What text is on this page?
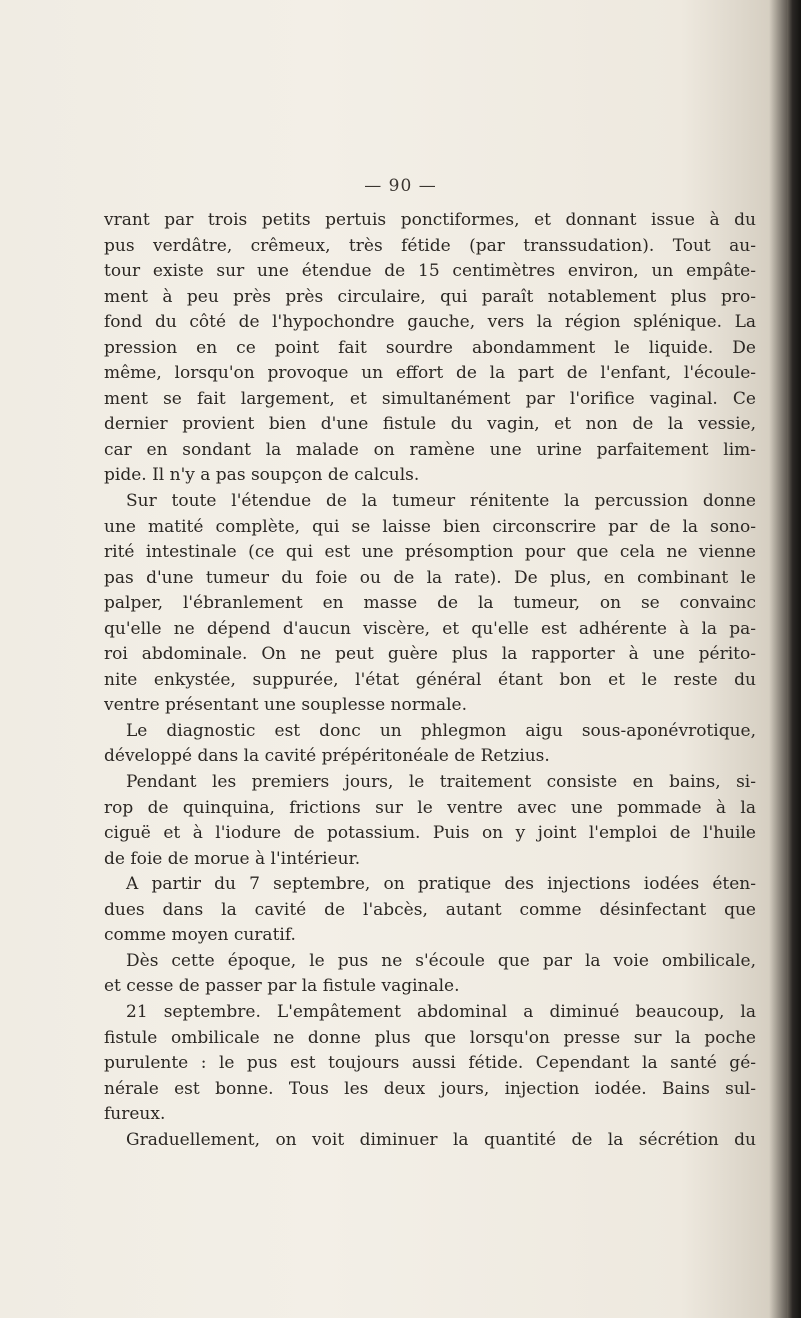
— 90 —
vrant par trois petits pertuis ponctiformes, et donnant issue à du
pus verdâtre, crêmeux, très fétide (par transsudation). Tout au-
tour existe sur une étendue de 15 centimètres environ, un empâte-
ment à peu près près circulaire, qui paraît notablement plus pro-
fond du côté de l'hypochondre gauche, vers la région splénique. La
pression en ce point fait sourdre abondamment le liquide. De
même, lorsqu'on provoque un effort de la part de l'enfant, l'écoule-
ment se fait largement, et simultanément par l'orifice vaginal. Ce
dernier provient bien d'une fistule du vagin, et non de la vessie,
car en sondant la malade on ramène une urine parfaitement lim-
pide. Il n'y a pas soupçon de calculs.
Sur toute l'étendue de la tumeur rénitente la percussion donne
une matité complète, qui se laisse bien circonscrire par de la sono-
rité intestinale (ce qui est une présomption pour que cela ne vienne
pas d'une tumeur du foie ou de la rate). De plus, en combinant le
palper, l'ébranlement en masse de la tumeur, on se convainc
qu'elle ne dépend d'aucun viscère, et qu'elle est adhérente à la pa-
roi abdominale. On ne peut guère plus la rapporter à une périto-
nite enkystée, suppurée, l'état général étant bon et le reste du
ventre présentant une souplesse normale.
Le diagnostic est donc un phlegmon aigu sous-aponévrotique,
développé dans la cavité prépéritonéale de Retzius.
Pendant les premiers jours, le traitement consiste en bains, si-
rop de quinquina, frictions sur le ventre avec une pommade à la
ciguë et à l'iodure de potassium. Puis on y joint l'emploi de l'huile
de foie de morue à l'intérieur.
A partir du 7 septembre, on pratique des injections iodées éten-
dues dans la cavité de l'abcès, autant comme désinfectant que
comme moyen curatif.
Dès cette époque, le pus ne s'écoule que par la voie ombilicale,
et cesse de passer par la fistule vaginale.
21 septembre. L'empâtement abdominal a diminué beaucoup, la
fistule ombilicale ne donne plus que lorsqu'on presse sur la poche
purulente : le pus est toujours aussi fétide. Cependant la santé gé-
nérale est bonne. Tous les deux jours, injection iodée. Bains sul-
fureux.
Graduellement, on voit diminuer la quantité de la sécrétion du
